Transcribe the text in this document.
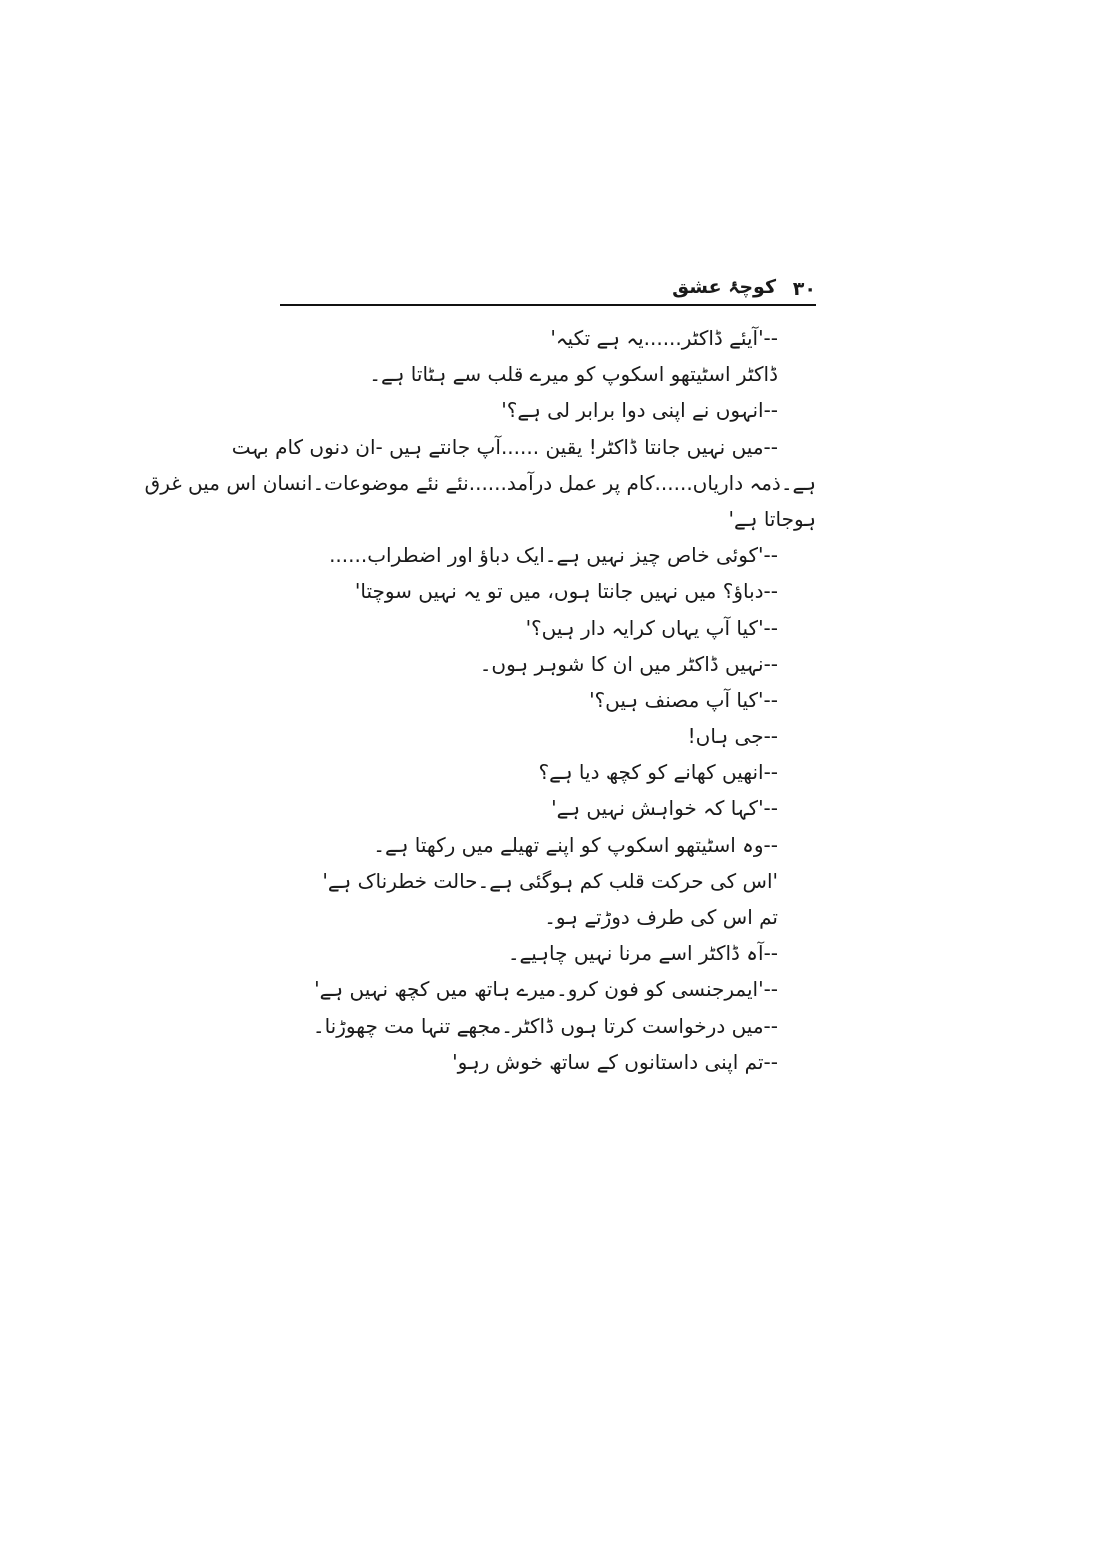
۳۰
کوچۂ عشق
--'آیئے ڈاکٹر......یہ ہے تکیہ'
ڈاکٹر اسٹیتھو اسکوپ کو میرے قلب سے ہٹاتا ہے۔
--انہوں نے اپنی دوا برابر لی ہے؟'
--میں نہیں جانتا ڈاکٹر! یقین ......آپ جانتے ہیں -ان دنوں کام بہت
ہے۔ذمہ داریاں......کام پر عمل درآمد......نئے نئے موضوعات۔انسان اس میں غرق
ہوجاتا ہے'
--'کوئی خاص چیز نہیں ہے۔ایک دباؤ اور اضطراب......
--دباؤ؟ میں نہیں جانتا ہوں، میں تو یہ نہیں سوچتا'
--'کیا آپ یہاں کرایہ دار ہیں؟'
--نہیں ڈاکٹر میں ان کا شوہر ہوں۔
--'کیا آپ مصنف ہیں؟'
--جی ہاں!
--انھیں کھانے کو کچھ دیا ہے؟
--'کہا کہ خواہش نہیں ہے'
--وہ اسٹیتھو اسکوپ کو اپنے تھیلے میں رکھتا ہے۔
'اس کی حرکت قلب کم ہوگئی ہے۔حالت خطرناک ہے'
تم اس کی طرف دوڑتے ہو۔
--آہ ڈاکٹر اسے مرنا نہیں چاہیے۔
--'ایمرجنسی کو فون کرو۔میرے ہاتھ میں کچھ نہیں ہے'
--میں درخواست کرتا ہوں ڈاکٹر۔مجھے تنہا مت چھوڑنا۔
--تم اپنی داستانوں کے ساتھ خوش رہو'
